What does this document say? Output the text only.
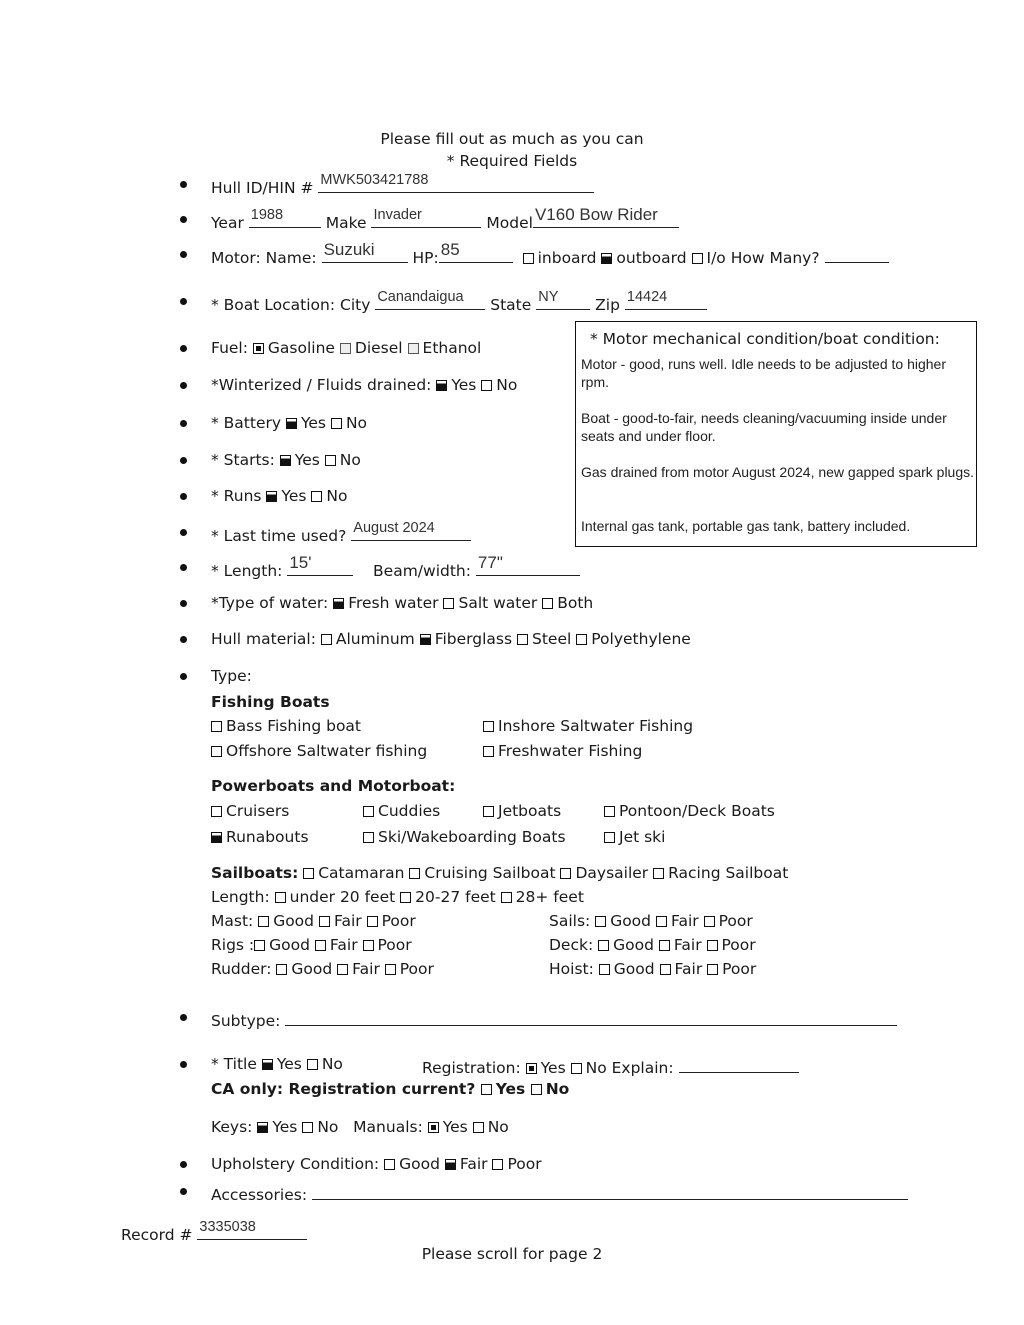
Please fill out as much as you can
* Required Fields
Hull ID/HIN # MWK503421788
Year 1988	Make Invader	Model V160 Bow Rider
Motor: Name: Suzuki HP: 85	inboard outboard I/o How Many?
* Boat Location: City Canandaigua State NY Zip 14424
Fuel: Gasoline Diesel Ethanol
*Winterized / Fluids drained: Yes No
* Battery Yes No
* Starts: Yes No
* Runs Yes No
* Last time used? August 2024
* Length: 15'	Beam/width: 77"
* Motor mechanical condition/boat condition:
Motor - good, runs well. Idle needs to be adjusted to higher rpm.
Boat - good-to-fair, needs cleaning/vacuuming inside under seats and under floor.
Gas drained from motor August 2024, new gapped spark plugs.
Internal gas tank, portable gas tank, battery included.
*Type of water: Fresh water Salt water Both
Hull material: Aluminum Fiberglass Steel Polyethylene
Type:
Fishing Boats
Bass Fishing boat	Inshore Saltwater Fishing
Offshore Saltwater fishing	Freshwater Fishing
Powerboats and Motorboat:
Cruisers	Cuddies	Jetboats	Pontoon/Deck Boats
Runabouts	Ski/Wakeboarding Boats	Jet ski
Sailboats: Catamaran Cruising Sailboat Daysailer Racing Sailboat
Length: under 20 feet 20-27 feet 28+ feet
Mast: Good Fair Poor	Sails: Good Fair Poor
Rigs : Good Fair Poor	Deck: Good Fair Poor
Rudder: Good Fair Poor	Hoist: Good Fair Poor
Subtype:
* Title Yes No	Registration: Yes No Explain:
CA only: Registration current? Yes No
Keys: Yes No Manuals: Yes No
Upholstery Condition: Good Fair Poor
Accessories:
Record # 3335038
Please scroll for page 2
